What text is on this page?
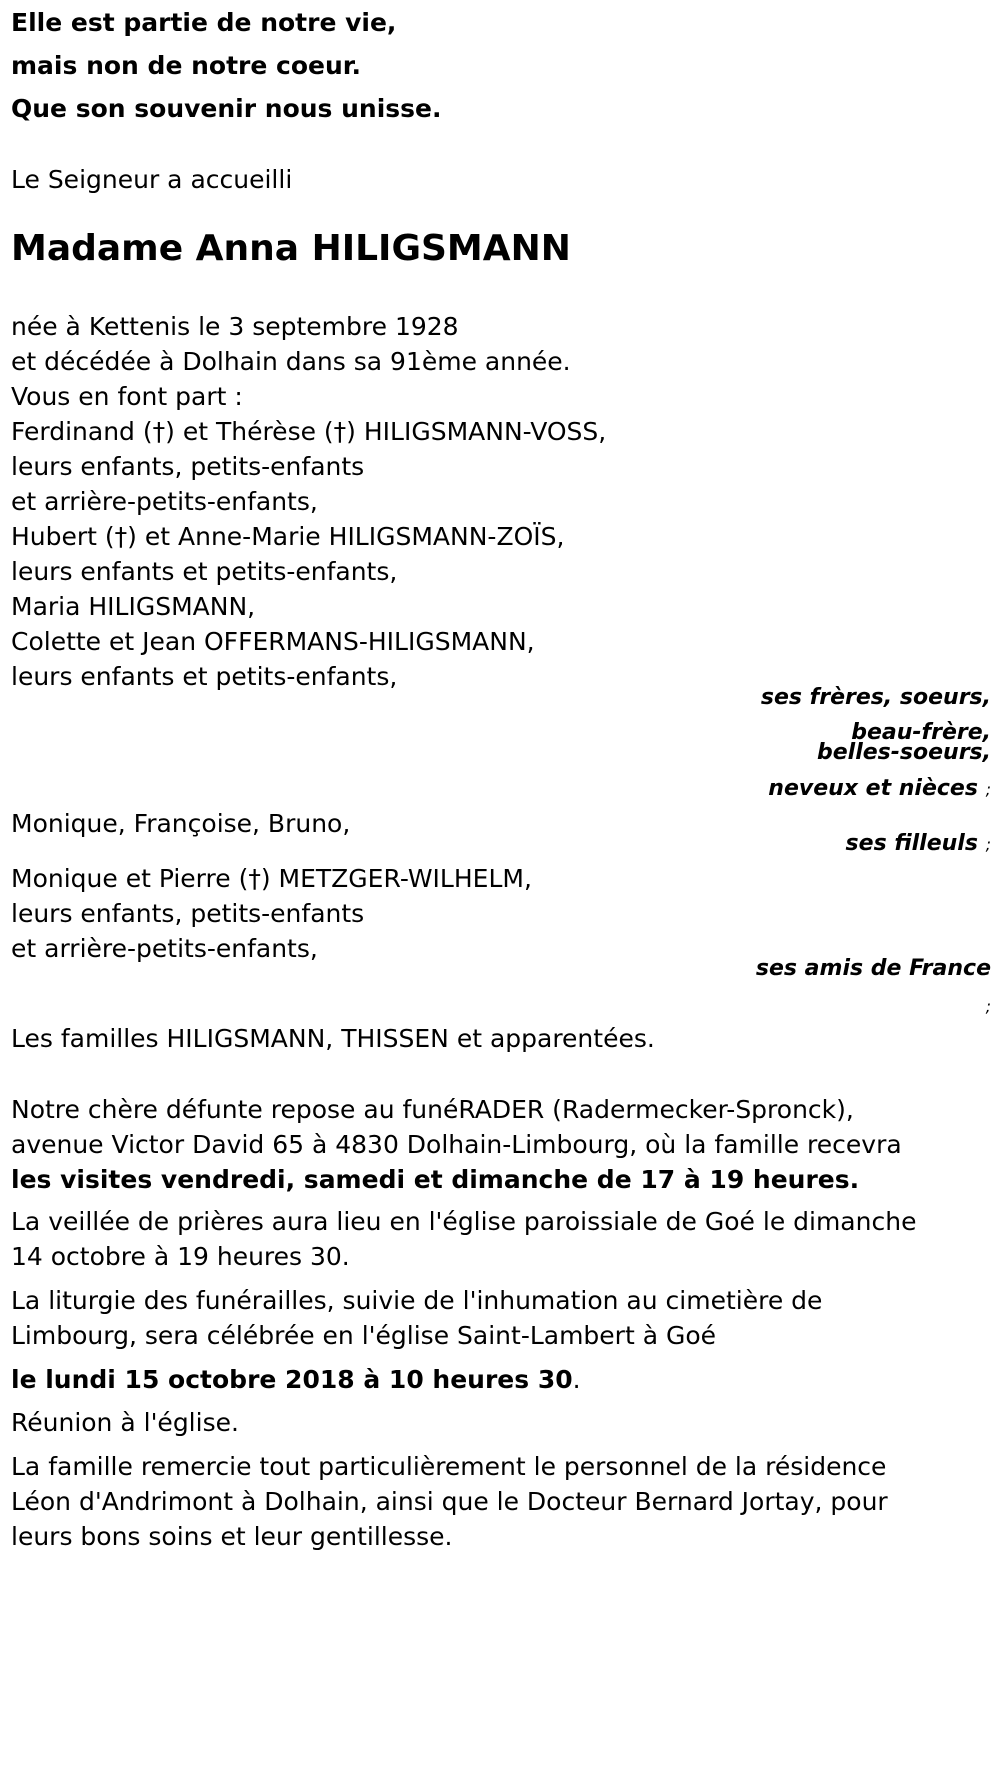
Elle est partie de notre vie,
mais non de notre coeur.
Que son souvenir nous unisse.
Le Seigneur a accueilli
Madame Anna HILIGSMANN
née à Kettenis le 3 septembre 1928
et décédée à Dolhain dans sa 91ème année.
Vous en font part :
Ferdinand (†) et Thérèse (†) HILIGSMANN-VOSS,
leurs enfants, petits-enfants
et arrière-petits-enfants,
Hubert (†) et Anne-Marie HILIGSMANN-ZOÏS,
leurs enfants et petits-enfants,
Maria HILIGSMANN,
Colette et Jean OFFERMANS-HILIGSMANN,
leurs enfants et petits-enfants,
ses frères, soeurs,
beau-frère,
belles-soeurs,
neveux et nièces ;
Monique, Françoise, Bruno,
ses filleuls ;
Monique et Pierre (†) METZGER-WILHELM,
leurs enfants, petits-enfants
et arrière-petits-enfants,
ses amis de France
;
Les familles HILIGSMANN, THISSEN et apparentées.
Notre chère défunte repose au funéRADER (Radermecker-Spronck),
avenue Victor David 65 à 4830 Dolhain-Limbourg, où la famille recevra
les visites vendredi, samedi et dimanche de 17 à 19 heures.
La veillée de prières aura lieu en l'église paroissiale de Goé le dimanche
14 octobre à 19 heures 30.
La liturgie des funérailles, suivie de l'inhumation au cimetière de
Limbourg, sera célébrée en l'église Saint-Lambert à Goé
le lundi 15 octobre 2018 à 10 heures 30.
Réunion à l'église.
La famille remercie tout particulièrement le personnel de la résidence
Léon d'Andrimont à Dolhain, ainsi que le Docteur Bernard Jortay, pour
leurs bons soins et leur gentillesse.
